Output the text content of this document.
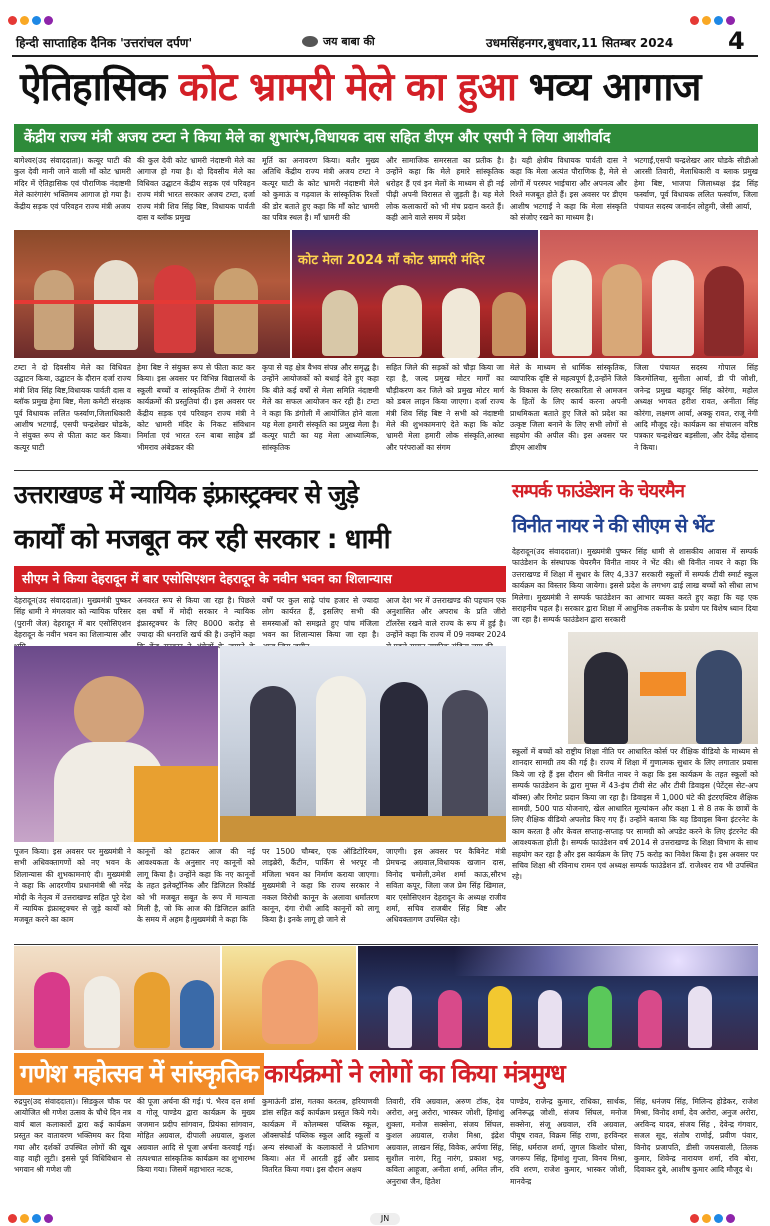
हिन्दी साप्ताहिक दैनिक 'उत्तरांचल दर्पण'	जय बाबा की	उधमसिंहनगर,बुधवार,11 सितम्बर 2024 4
ऐतिहासिक कोट भ्रामरी मेले का हुआ भव्य आगाज
केंद्रीय राज्य मंत्री अजय टम्टा ने किया मेले का शुभारंभ,विधायक दास सहित डीएम और एसपी ने लिया आशीर्वाद
बागेश्वर(उद संवाददाता)। कत्यूर घाटी की कुल देवी मानी जाने वाली माँ कोट भ्रामरी मंदिर में ऐतिहासिक एवं पौराणिक नंदाष्टमी मेले कारंगारंग भक्तिमय आगाज हो गया है। केंद्रीय सड़क एवं परिवहन राज्य मंत्री अजय
की कुल देवी कोट भ्रामरी नंदाष्टमी मेले का आगाज हो गया है। दो दिवसीय मेले का विधिवत उद्घाटन केंद्रीय सड़क एवं परिवहन राज्य मंत्री भारत सरकार अजय टम्टा, दर्जा राज्य मंत्री शिव सिंह बिष्ट, विधायक पार्वती दास व ब्लॉक प्रमुख
मूर्ति का अनावरण किया। बतौर मुख्य अतिथि केंद्रीय राज्य मंत्री अजय टम्टा ने कत्यूर घाटी के कोट भ्रामरी नंदाष्टमी मेले को कुमाऊं व गढ़वाल के सांस्कृतिक रिश्तों की डोर बताते हुए कहा कि माँ कोट भ्रामरी का पवित्र स्थल है। माँ भ्रामरी की
और सामाजिक समरसता का प्रतीक है। उन्होंने कहा कि मेले हमारे सांस्कृतिक धरोहर हैं एवं इन मेलों के माध्यम से ही नई पीढ़ी अपनी विरासत से जुड़ती है। यह मेले लोक कलाकारों को भी मंच प्रदान करते हैं।कही आने वाले समय में प्रदेश
है। यही क्षेत्रीय विधायक पार्वती दास ने कहा कि मेला अत्यंत पौराणिक है, मेले से लोगों में परस्पर भाईचारा और अपनत्व और रिश्ते मजबूत होते हैं। इस अवसर पर डीएम आशीष भटगाईं ने कहा कि मेला संस्कृति को संजोए रखने का माध्यम है।
भटगाईं,एसपी चन्द्रशेखर आर घोडके सीडीओ आरसी तिवारी, मेलाधिकारी व ब्लाक प्रमुख हेमा बिष्ट, भाजपा जिलाध्यक्ष इंद्र सिंह फर्स्वाण, पूर्व विधायक ललित फर्स्वाण, जिला पंचायत सदस्य जनार्दन लोहुमी, जेसी आर्या,
कोट मेला 2024 माँ कोट भ्रामरी मंदिर
टम्टा ने दो दिवसीय मेले का विधिवत उद्घाटन किया, उद्घाटन के दौरान दर्जा राज्य मंत्री शिव सिंह बिष्ट,विधायक पार्वती दास व ब्लॉक प्रमुख हेमा बिष्ट, मेला कमेटी संरक्षक पूर्व विधायक ललित फर्स्वाण,जिलाधिकारी आशीष भटगाईं, एसपी चन्द्रशेखर घोडके, ने संयुक्त रूप से फीता काट कर किया। कत्यूर घाटी
हेमा बिष्ट ने संयुक्त रूप से फीता काट कर किया। इस अवसर पर विभिन्न विद्यालयों के स्कूली बच्चों व सांस्कृतिक टीमों ने रंगारंग कार्यक्रमों की प्रस्तुतियां दी। इस अवसर पर केंद्रीय सड़क एवं परिवहन राज्य मंत्री ने कोट भ्रामरी मंदिर के निकट संविधान निर्माता एवं भारत रत्न बाबा साहेब डॉ भीमराव अंबेडकर की
कृपा से यह क्षेत्र वैभव संपन्न और समृद्ध है। उन्होंने आयोजकों को बधाई देते हुए कहा कि बीते कई वर्षों से मेला समिति नंदाष्टमी मेले का सफल आयोजन कर रही है। टम्टा ने कहा कि डंगोली में आयोजित होने वाला यह मेला हमारी संस्कृति का प्रमुख मेला है। कत्यूर घाटी का यह मेला आध्यात्मिक, सांस्कृतिक
सहित जिले की सड़कों को चौड़ा किया जा रहा है, जल्द प्रमुख मोटर मार्गों का चौड़ीकरण कर जिले को प्रमुख मोटर मार्ग को डबल लाइन किया जाएगा। दर्जा राज्य मंत्री शिव सिंह बिष्ट ने सभी को नंदाष्टमी मेले की शुभकामनाएं देते कहा कि कोट भ्रामरी मेला हमारी लोक संस्कृति,आस्था और परंपराओं का संगम
मेले के माध्यम से धार्मिक सांस्कृतिक, व्यापारिक दृष्टि से महत्वपूर्ण है,उन्होंने जिले के विकास के लिए सरकारिता से आमजन के हितों के लिए कार्य करना अपनी प्राथमिकता बताते हुए जिले को प्रदेश का उत्कृष्ट जिला बनाने के लिए सभी लोगों से सहयोग की अपील की। इस अवसर पर डीएम आशीष
जिला पंचायत सदस्य गोपाल सिंह किरमोलिया, सुनीता आर्या, डी पी जोशी, जनेन्द्र प्रमुख बहादुर सिंह कोरंगा, महोल अध्यक्ष भगवत हरीश रावत, अनीता सिंह कोरंगा, लक्ष्मण आर्या, अक्कू रावत, राजू नेगी आदि मौजूद रहे। कार्यक्रम का संचालन वरिष्ठ पत्रकार चन्द्रशेखर बड़सीला, और देवेंद्र दोसाद ने किया।
उत्तराखण्ड में न्यायिक इंफ्रास्ट्रक्चर से जुड़े
कार्यों को मजबूत कर रही सरकार : धामी
सीएम ने किया देहरादून में बार एसोसिएशन देहरादून के नवीन भवन का शिलान्यास
देहरादून(उद संवाददाता)। मुख्यमंत्री पुष्कर सिंह धामी ने मंगलवार को न्यायिक परिसर (पुरानी जेल) देहरादून में बार एसोसिएशन देहरादून के नवीन भवन का शिलान्यास और
अनवरत रूप से किया जा रहा है। पिछले दस वर्षों में मोदी सरकार ने न्यायिक इंफ्रास्ट्रक्चर के लिए 8000 करोड़ से ज्यादा की धनराशि खर्च की है। उन्होंने कहा
वर्षों पर कुल साढ़े पांच हजार से ज्यादा लोग कार्यरत हैं, इसलिए सभी की समस्याओं को समझते हुए पांच मंजिला भवन का शिलान्यास किया जा रहा है।
आज देश भर में उत्तराखण्ड की पहचान एक अनुशासित और अपराध के प्रति जीरो टॉलरेंस रखने वाले राज्य के रूप में हुई है। उन्होंने कहा कि राज्य में 09 नवम्बर 2024
पूजन किया। इस अवसर पर मुख्यमंत्री ने सभी अधिवक्तागणों को नए भवन के शिलान्यास की शुभकामनाएं दी। मुख्यमंत्री ने कहा कि आदरणीय प्रधानमंत्री श्री नरेंद्र मोदी के नेतृत्व में उत्तराखण्ड सहित पूरे देश में न्यायिक इंफ्रास्ट्रक्चर से जुड़े कार्यों को मजबूत करने का काम
कानूनों को हटाकर आज की नई आवश्यकता के अनुसार नए कानूनों को लागू किया है। उन्होंने कहा कि नए कानूनों के तहत इलेक्ट्रॉनिक और डिजिटल रिकॉर्ड को भी मजबूत सबूत के रूप में मान्यता मिली है, जो कि आज की डिजिटल क्रांति के समय में अहम है।मुख्यमंत्री ने कहा कि
पर 1500 चौम्बर, एक ऑडिटोरियम, लाइब्रेरी, कैंटीन, पार्किंग से भरपूर नौ मंजिला भवन का निर्माण कराया जाएगा। मुख्यमंत्री ने कहा कि राज्य सरकार ने नकल विरोधी कानून के अलावा धर्मांतरण कानून, दंगा रोधी आदि कानूनों को लागू किया है। इनके लागू हो जाने से
जाएगी। इस अवसर पर कैबिनेट मंत्री प्रेमचन्द्र अग्रवाल,विधायक खजान दास, विनोद चमोली,उमेश शर्मा काऊ,सौरभ सविता कपूर, जिला जज प्रेम सिंह खिमाल, बार एसोसिएशन देहरादून के अध्यक्ष राजीव शर्मा, सचिव राजबीर सिंह बिष्ट और अधिवक्तागण उपस्थित रहे।
सम्पर्क फाउंडेशन के चेयरमैन
विनीत नायर ने की सीएम से भेंट
देहरादून(उद संवाददाता)। मुख्यमंत्री पुष्कर सिंह धामी से शासकीय आवास में सम्पर्क फाउंडेशन के संस्थापक चेयरमैन विनीत नायर ने भेंट की। श्री विनीत नायर ने कहा कि उत्तराखण्ड में शिक्षा में सुधार के लिए 4,337 सरकारी स्कूलों में सम्पर्क टीवी स्मार्ट स्कूल कार्यक्रम का विस्तार किया जायेगा। इससे प्रदेश के लगभग ढाई लाख बच्चों को सीधा लाभ मिलेगा। मुख्यमंत्री ने सम्पर्क फाउंडेशन का आभार व्यक्त करते हुए कहा कि यह एक सराहनीय पहल है। सरकार द्वारा शिक्षा में आधुनिक तकनीक के प्रयोग पर विशेष ध्यान दिया जा रहा है। सम्पर्क फाउंडेशन द्वारा सरकारी
स्कूलों में बच्चों को राष्ट्रीय शिक्षा नीति पर आधारित कोर्स पर शैक्षिक वीडियो के माध्यम से शानदार सामग्री तय की गई है। राज्य में शिक्षा में गुणात्मक सुधार के लिए लगातार प्रयास किये जा रहे हैं इस दौरान श्री विनीत नायर ने कहा कि इस कार्यक्रम के तहत स्कूलों को सम्पर्क फाउंडेशन के द्वारा मुफ्त में 43-इंच टीवी सेट और टीवी डिवाइस (पेटेंट्स सेट-अप बॉक्स) और रिमोट प्रदान किया जा रहा है। डिवाइस में 1,000 घंटे की इंटरएक्टिव शैक्षिक सामग्री, 500 पाठ योजनाएं, खेल आधारित मूल्यांकन और कक्षा 1 से 8 तक के छात्रों के लिए शैक्षिक वीडियो अपलोड किए गए हैं। उन्होंने बताया कि यह डिवाइस बिना इंटरनेट के काम करता है और केवल सप्ताह-सप्ताह पर सामग्री को अपडेट करने के लिए इंटरनेट की आवश्यकता होती है। सम्पर्क फाउंडेशन वर्ष 2014 से उत्तराखण्ड के शिक्षा विभाग के साथ सहयोग कर रहा है और इस कार्यक्रम के लिए 75 करोड़ का निवेश किया है। इस अवसर पर सचिव शिक्षा श्री रविनाथ रामन एवं अध्यक्ष सम्पर्क फाउंडेशन डॉ. राजेश्वर राव भी उपस्थित रहे।
गणेश महोत्सव में सांस्कृतिककार्यक्रमों ने लोगों का किया मंत्रमुग्ध
रुद्रपुर(उद संवाददाता)। सिडकुल चौक पर आयोजित श्री गणेश उत्सव के चौथे दिन नत्र वार्य बाल कलाकारों द्वारा कई कार्यक्रम प्रस्तुत कर वातावरण भक्तिमय कर दिया गया और दर्शकों उपस्थित लोगों की खूब वाह वाही लूटी। इससे पूर्व विधिविधान से भगवान श्री गणेश जी
की पूजा अर्चना की गई। पं. भैरव दत्त शर्मा व गोलू पाण्डेय द्वारा कार्यक्रम के मुख्य जजमान प्रदीप सांगवान, प्रियंका सांगवान, मोहित अग्रवाल, दीपाली अग्रवाल, कुशल अग्रवाल आदि से पूजा अर्चना करवाई गई। तत्पश्चात सांस्कृतिक कार्यक्रम का शुभारम्भ किया गया। जिसमें महाभारत नटक,
कुमाऊंनी डांस, गतका करतब, हरियाणवी डांस सहित कई कार्यक्रम प्रस्तुत किये गये। कार्यक्रम में कोलम्बस पब्लिक स्कूल, ऑक्सफोर्ड पब्लिक स्कूल आदि स्कूलों व अन्य संस्थाओं के कलाकारों ने प्रतिभाग किया। अंत में आरती हुई और प्रसाद वितरित किया गया। इस दौरान अक्षय
तिवारी, रवि अग्रवाल, अरुण टॉक, देव अरोरा, अनु अरोरा, भास्कर जोशी, हिमांशु शुक्ला, मनोज सक्सेना, संजय सिंघल, कुशल अग्रवाल, राजेश मिश्रा, इंद्रेश अग्रवाल, लाखन सिंह, विवेक, अर्पणा सिंह, सुशील नारंग, रितु नारंग, प्रकाश भट्ट, कविता आहूजा, अनीता शर्मा, अमित लीन, अनुराधा जैन, हितेश
पाण्डेय, राजेन्द्र कुमार, राधिका, सार्थक, अनिरूद्ध जोशी, संजय सिंघल, मनोज सक्सेना, संजू अग्रवाल, रवि अग्रवाल, पीयूष रावत, विक्रम सिंह राणा, हरविन्दर सिंह, धर्मराज शर्मा, जुगल किशोर घोसा, जगरूप सिंह, हिमांशु गुप्ता, विनय मिश्रा, रवि शरण, राजेश कुमार, भास्कर जोशी, मानवेन्द्र
सिंह, धनंजय सिंह, मिलिन्द होडेकर, राजेश मिश्रा, विनोद शर्मा, देव अरोरा, अनुज अरोरा, अरविन्द यादव, संजय सिंह , देवेन्द्र गंगवार, सजल सूद, संतोष राणोई, प्रवीण पंवार, विनोद प्रजापति, डीसी जयसवाली, तिलक कुमार, शिवेन्द्र नारायण शर्मा, रवि बोरा, दिवाकर दुबे, आशीष कुमार आदि मौजूद थे।
JN
